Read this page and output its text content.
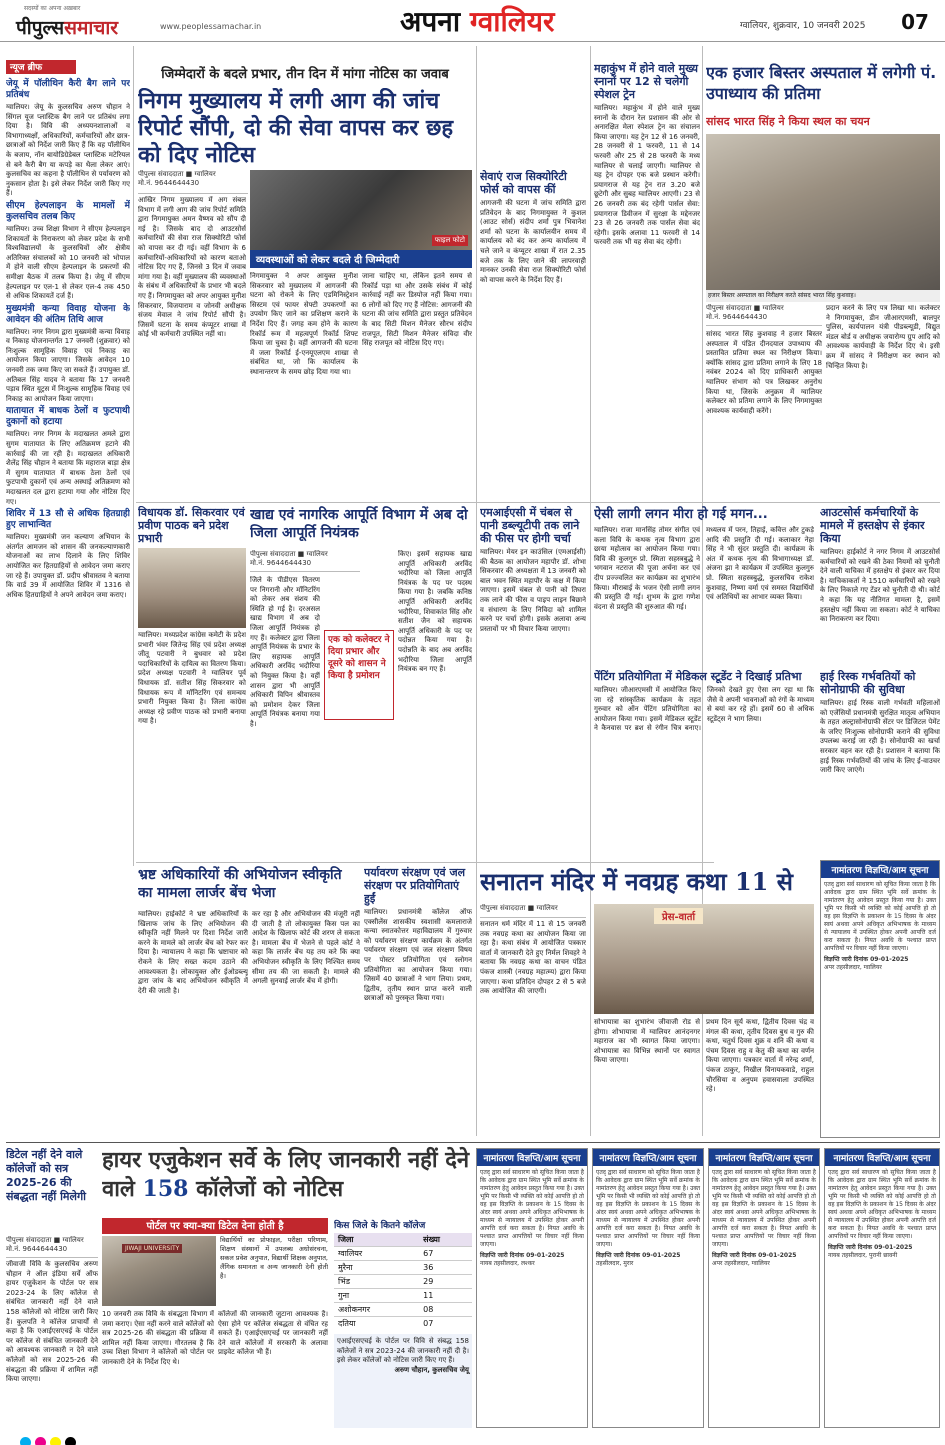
सदस्यों का अपना अख़बार
पीपुल्ससमाचार	www.peoplessamachar.in	अपना ग्वालियर	ग्वालियर, शुक्रवार, 10 जनवरी 2025	07
न्यूज ब्रीफ
जेयू में पॉलीथिन कैरी बैग लाने पर प्रतिबंध

ग्वालियर। जेयू के कुलसचिव अरुण चौहान ने सिंगल यूज प्लास्टिक बैग लाने पर प्रतिबंध लगा दिया है। विवि की अध्ययनशालाओं व विभागाध्यक्षों, अधिकारियों, कर्मचारियों और छात्र-छात्राओं को निर्देश जारी किए हैं कि वह पॉलीथिन के बजाय, नॉन बायोडिग्रेडेबल प्लास्टिक मटेरियल से बने कैरी बैग या कपड़े का थैला लेकर आएं। कुलसचिव का कहना है पॉलीथिन से पर्यावरण को नुकसान होता है। इसे लेकर निर्देश जारी किए गए हैं।

सीएम हेल्पलाइन के मामलों में कुलसचिव तलब किए

ग्वालियर। उच्च शिक्षा विभाग ने सीएम हेल्पलाइन शिकायतों के निराकरण को लेकर प्रदेश के सभी विश्वविद्यालयों के कुलसचिवों और क्षेत्रीय अतिरिक्त संचालकों को 10 जनवरी को भोपाल में होने वाली सीएम हेल्पलाइन के प्रकरणों की समीक्षा बैठक में तलब किया है। जेयू में सीएम हेल्पलाइन पर एल-1 से लेकर एल-4 तक 450 से अधिक शिकायतें दर्ज हैं।

मुख्यमंत्री कन्या विवाह योजना के आवेदन की अंतिम तिथि आज

ग्वालियर। नगर निगम द्वारा मुख्यमंत्री कन्या विवाह व निकाह योजनान्तर्गत 17 जनवरी (शुक्रवार) को निःशुल्क सामूहिक विवाह एवं निकाह का आयोजन किया जाएगा। जिसके आवेदन 10 जनवरी तक जमा किए जा सकते हैं। उपायुक्त डॉ. अतिबल सिंह यादव ने बताया कि 17 जनवरी पड़ाव स्थित यूट्रस में निःशुल्क सामूहिक विवाह एवं निकाह का आयोजन किया जाएगा।

यातायात में बाधक ठेलों व फुटपाथी दुकानों को हटाया

ग्वालियर। नगर निगम के मदाखलत अमले द्वारा सुगम यातायात के लिए अतिक्रमण हटाने की कार्रवाई की जा रही है। मदाखलत अधिकारी शैलेंद्र सिंह चौहान ने बताया कि महाराज बाड़ा क्षेत्र में सुगम यातायात में बाधक ठेला ठेलों एवं फुटपाथी दुकानों एवं अन्य अस्थाई अतिक्रमण को मदाखलत दल द्वारा हटाया गया और नोटिस दिए गए।

शिविर में 13 सौ से अधिक हितग्राही हुए लाभान्वित

ग्वालियर। मुख्यमंत्री जन कल्याण अभियान के अंतर्गत आमजन को शासन की जनकल्याणकारी योजनाओं का लाभ दिलाने के लिए शिविर आयोजित कर हितग्राहियों से आवेदन जमा कराए जा रहे हैं। उपायुक्त डॉ. प्रदीप श्रीवास्तव ने बताया कि वार्ड 39 में आयोजित शिविर में 1316 से अधिक हितग्राहियों ने अपने आवेदन जमा कराए।

जिम्मेदारों के बदले प्रभार, तीन दिन में मांगा नोटिस का जवाब
निगम मुख्यालय में लगी आग की जांच रिपोर्ट सौंपी, दो की सेवा वापस कर छह को दिए नोटिस
पीपुल्स संवाददाता ■ ग्वालियर
मो.नं. 9644644430
फाइल फोटो
व्यवस्थाओं को लेकर बदले दी जिम्मेदारी
आखिर निगम मुख्यालय में अग संबल विभाग में लगी आग की जांच रिपोर्ट समिति द्वारा निगमायुक्त अमन वैष्णव को सौंप दी गई है। जिसके बाद दो आउटसोर्स कर्मचारियों की सेवा राज सिक्योरिटी फोर्स को वापस कर दी गई। वहीं विभाग के 6 कर्मचारियों-अधिकारियों को कारण बताओ नोटिस दिए गए हैं, जिनसे 3 दिन में जवाब मांगा गया है। वहीं मुख्यालय की व्यवस्थाओं के संबंध में अधिकारियों के प्रभार भी बदले गए हैं। निगमायुक्त को अपर आयुक्त मुनीश सिकरवार, विजयाराम व जोनवी अधीक्षक संजय मेवाल ने जांच रिपोर्ट सौंपी है। जिसमें घटना के समय कंप्यूटर शाखा में कोई भी कर्मचारी उपस्थित नहीं था।
निगमायुक्त ने अपर आयुक्त मुनीश सिकरवार को मुख्यालय में आगजनी की घटना को रोकने के लिए एडमिनिस्ट्रेशन सिस्टम एवं फायर सेफ्टी उपकरणों का उपयोग किए जाने का प्रशिक्षण कराने के निर्देश दिए हैं। जगह कम होने के कारण रिकॉर्ड रूम में महत्वपूर्ण रिकॉर्ड शिफ्ट किया जा चुका है। वहीं आगजनी की घटना में जला रिकॉर्ड ई-एनयूएलएम शाखा से संबंधित था, जो कि कार्यालय के स्थानान्तरण के समय छोड़ दिया गया था।
जाना चाहिए था, लेकिन इतने समय से रिकॉर्ड पड़ा था और उसके संबंध में कोई कार्रवाई नहीं कर डिस्पोज नहीं किया गया। 6 लोगों को दिए गए हैं नोटिस: आगजनी की घटना की जांच समिति द्वारा प्रस्तुत प्रतिवेदन के बाद सिटी मिशन मैनेजर सौरभ संदीप राजपूत, सिटी मिशन मैनेजर संविदा वीर सिंह राजपूत को नोटिस दिए गए।
सेवाएं राज सिक्योरिटी फोर्स को वापस कीं
आगजनी की घटना में जांच समिति द्वारा प्रतिवेदन के बाद निगमायुक्त ने कुशल (आउट सोर्स) संदीप शर्मा पुत्र भिवानेश शर्मा को घटना के कार्यालयीन समय में कार्यालय को बंद कर अन्य कार्यालय में चले जाने व कंप्यूटर शाखा में रात 2.35 बजे तक के लिए जाने की लापरवाही मानकर उनकी सेवा राज सिक्योरिटी फोर्स को वापस करने के निर्देश दिए हैं।
महाकुंभ में होने वाले मुख्य स्नानों पर 12 से चलेगी स्पेशल ट्रेन
ग्वालियर। महाकुंभ में होने वाले मुख्य स्नानों के दौरान रेल प्रशासन की ओर से अनारक्षित मेला स्पेशल ट्रेन का संचालन किया जाएगा। यह ट्रेन 12 से 16 जनवरी, 28 जनवरी से 1 फरवरी, 11 से 14 फरवरी और 25 से 28 फरवरी के मध्य ग्वालियर से चलाई जाएगी। ग्वालियर से यह ट्रेन दोपहर एक बजे प्रस्थान करेगी। प्रयागराज से यह ट्रेन रात 3.20 बजे छूटेगी और सुबह ग्वालियर आएगी। 23 से 26 जनवरी तक बंद रहेगी पार्सल सेवा: प्रयागराज डिवीजन में सुरक्षा के मद्देनजर 23 से 26 जनवरी तक पार्सल सेवा बंद रहेगी। इसके अलावा 11 फरवरी से 14 फरवरी तक भी यह सेवा बंद रहेगी।
एक हजार बिस्तर अस्पताल में लगेगी पं. उपाध्याय की प्रतिमा
सांसद भारत सिंह ने किया स्थल का चयन
हजार बिस्तर अस्पताल का निरीक्षण करते सांसद भारत सिंह कुशवाह।
पीपुल्स संवाददाता ■ ग्वालियर
मो.नं. 9644644430
सांसद भारत सिंह कुशवाह ने हजार बिस्तर अस्पताल में पंडित दीनदयाल उपाध्याय की प्रस्तावित प्रतिमा स्थल का निरीक्षण किया। क्योंकि सांसद द्वारा प्रतिमा लगाने के लिए 18 नवंबर 2024 को दिए प्राधिकारी आयुक्त ग्वालियर संभाग को पत्र लिखकर अनुरोध किया था, जिसके अनुक्रम में ग्वालियर कलेक्टर को प्रतिमा लगाने के लिए निगमायुक्त आवश्यक कार्यवाही करेंगे।
प्रदान करने के लिए पत्र लिखा था। कलेक्टर ने निगमायुक्त, डीन जीआरएमसी, बालपुर पुलिस, कार्यपालन यंत्री पीडब्ल्यूडी, विद्युत मंडल बोर्ड व अधीक्षक जयारोग्य ग्रुप आदि को आवश्यक कार्यवाही के निर्देश दिए थे। इसी क्रम में सांसद ने निरीक्षण कर स्थान को चिन्हित किया है।
विधायक डॉ. सिकरवार एवं प्रवीण पाठक बने प्रदेश प्रभारी
ग्वालियर। मध्यप्रदेश कांग्रेस कमेटी के प्रदेश प्रभारी भंवर जितेन्द्र सिंह एवं प्रदेश अध्यक्ष जीतू पटवारी ने बुधवार को प्रदेश पदाधिकारियों के दायित्व का वितरण किया। प्रदेश अध्यक्ष पटवारी ने ग्वालियर पूर्व विधायक डॉ. सतीश सिंह सिकरवार को विधायक रूप में मॉनिटरिंग एवं समन्वय प्रभारी नियुक्त किया है। जिला कांग्रेस अध्यक्ष रहे प्रवीण पाठक को प्रभारी बनाया गया है।
खाद्य एवं नागरिक आपूर्ति विभाग में अब दो जिला आपूर्ति नियंत्रक
पीपुल्स संवाददाता ■ ग्वालियर
मो.नं. 9644644430
जिले के पीडीएस वितरण पर निगरानी और मॉनिटरिंग को लेकर अब संशय की स्थिति हो गई है। दरअसल खाद्य विभाग में अब दो जिला आपूर्ति नियंत्रक हो गए हैं। कलेक्टर द्वारा जिला आपूर्ति नियंत्रक के प्रभार के लिए सहायक आपूर्ति अधिकारी अरविंद भदौरिया को नियुक्त किया है। वहीं शासन द्वारा भी आपूर्ति अधिकारी विपिन श्रीवास्तव को प्रमोशन देकर जिला आपूर्ति नियंत्रक बनाया गया है।
एक को कलेक्टर ने दिया प्रभार और दूसरे को शासन ने किया है प्रमोशन
किए। इसमें सहायक खाद्य आपूर्ति अधिकारी अरविंद भदौरिया को जिला आपूर्ति नियंत्रक के पद पर पदस्थ किया गया है। जबकि कनिष्ठ आपूर्ति अधिकारी अरविंद भदौरिया, शिवाकांत सिंह और सतीश जैन को सहायक आपूर्ति अधिकारी के पद पर पदोन्नत किया गया है। पदोन्नति के बाद अब अरविंद भदौरिया जिला आपूर्ति नियंत्रक बन गए हैं।
एमआईएसी में चंबल से पानी डब्ल्यूटीपी तक लाने की फीस पर होगी चर्चा
ग्वालियर। मेयर इन काउंसिल (एमआईसी) की बैठक का आयोजन महापौर डॉ. शोभा सिकरवार की अध्यक्षता में 13 जनवरी को बाल भवन स्थित महापौर के कक्ष में किया जाएगा। इसमें चंबल से पानी को तिघरा तक लाने की फीस व पाइप लाइन बिछाने व संधारण के लिए निविदा को शामिल करने पर चर्चा होगी। इसके अलावा अन्य प्रस्तावों पर भी विचार किया जाएगा।
ऐसी लागी लगन मीरा हो गई मगन...
ग्वालियर। राजा मानसिंह तोमर संगीत एवं कला विवि के कथक नृत्य विभाग द्वारा छाया महोत्सव का आयोजन किया गया। विवि की कुलगुरु प्रो. स्मिता सहस्त्रबुद्धे ने भगवान नटराज की पूजा अर्चना कर एवं दीप प्रज्ज्वलित कर कार्यक्रम का शुभारंभ किया। मीराबाई के भजन ऐसी लागी लगन की प्रस्तुति दी गई। शुभम के द्वारा गणेश वंदना से प्रस्तुति की शुरुआत की गई।
मध्यलय में परन, तिहाई, कवित्त और टुकड़े आदि की प्रस्तुति दी गई। कलाकार नेहा सिंह ने भी सुंदर प्रस्तुति दी। कार्यक्रम के अंत में कथक नृत्य की विभागाध्यक्ष डॉ. अंजना झा ने कार्यक्रम में उपस्थित कुलगुरु प्रो. स्मिता सहस्त्रबुद्धे, कुलसचिव राकेश कुशवाह, निष्णा वर्मा एवं समस्त विद्यार्थियों एवं अतिथियों का आभार व्यक्त किया।
पेंटिंग प्रतियोगिता में मेडिकल स्टूडेंट ने दिखाई प्रतिभा
ग्वालियर। जीआरएमसी में आयोजित किए जा रहे सांस्कृतिक कार्यक्रम के तहत गुरुवार को ऑन पेंटिंग प्रतियोगिता का आयोजन किया गया। इसमें मेडिकल स्टूडेंट ने कैनवास पर ब्रश से रंगीन चित्र बनाए। जिनको देखते हुए ऐसा लग रहा था कि जैसे वे अपनी भावनाओं को रंगों के माध्यम से बयां कर रहे हों। इसमें 60 से अधिक स्टूडेंट्स ने भाग लिया।
आउटसोर्स कर्मचारियों के मामले में हस्तक्षेप से इंकार किया
ग्वालियर। हाईकोर्ट ने नगर निगम में आउटसोर्स कर्मचारियों को रखने की ठेका नियमों को चुनौती देने वाली याचिका में हस्तक्षेप से इंकार कर दिया है। याचिकाकर्ता ने 1510 कर्मचारियों को रखने के लिए निकाले गए टेंडर को चुनौती दी थी। कोर्ट ने कहा कि यह नीतिगत मामला है, इसमें हस्तक्षेप नहीं किया जा सकता। कोर्ट ने याचिका का निराकरण कर दिया।
हाई रिस्क गर्भवतियों को सोनोग्राफी की सुविधा
ग्वालियर। हाई रिस्क वाली गर्भवती महिलाओं को एजेंसियों प्रधानमंत्री सुरक्षित मातृत्व अभियान के तहत अल्ट्रासोनोग्राफी सेंटर पर डिजिटल पेमेंट के जरिए निःशुल्क सोनोग्राफी कराने की सुविधा उपलब्ध कराई जा रही है। सोनोग्राफी का खर्चा सरकार वहन कर रही है। प्रशासन ने बताया कि हाई रिस्क गर्भवतियों की जांच के लिए ई-वाउचर जारी किए जाएंगे।
भ्रष्ट अधिकारियों की अभियोजन स्वीकृति का मामला लार्जर बेंच भेजा
ग्वालियर। हाईकोर्ट ने भ्रष्ट अधिकारियों के खिलाफ जांच के लिए अभियोजन की स्वीकृति नहीं मिलने पर दिशा निर्देश जारी करने के मामले को लार्जर बेंच को रेफर कर दिया है। न्यायालय ने कहा कि भ्रष्टाचार को रोकने के लिए सख्त कदम उठाने की आवश्यकता है। लोकायुक्त और ईओडब्ल्यू द्वारा जांच के बाद अभियोजन स्वीकृति में देरी की जाती है।
कर रहा है और अभियोजन की मंजूरी नहीं दी जाती है तो लोकायुक्त किस पल का आदेश के खिलाफ कोर्ट की शरण ले सकता है। मामला बेंच में भेजने से पहले कोर्ट ने कहा कि लार्जर बेंच यह तय करे कि क्या अभियोजन स्वीकृति के लिए निश्चित समय सीमा तय की जा सकती है। मामले की अगली सुनवाई लार्जर बेंच में होगी।
पर्यावरण संरक्षण एवं जल संरक्षण पर प्रतियोगिताएं हुईं
ग्वालियर। प्रधानमंत्री कॉलेज ऑफ एक्सीलेंस शासकीय स्वशासी कमलाराजे कन्या स्नातकोत्तर महाविद्यालय में गुरुवार को पर्यावरण संरक्षण कार्यक्रम के अंतर्गत पर्यावरण संरक्षण एवं जल संरक्षण विषय पर पोस्टर प्रतियोगिता एवं स्लोगन प्रतियोगिता का आयोजन किया गया। जिसमें 40 छात्राओं ने भाग लिया। प्रथम, द्वितीय, तृतीय स्थान प्राप्त करने वाली छात्राओं को पुरस्कृत किया गया।
सनातन मंदिर में नवग्रह कथा 11 से
पीपुल्स संवाददाता ■ ग्वालियर
सनातन धर्म मंदिर में 11 से 15 जनवरी तक नवग्रह कथा का आयोजन किया जा रहा है। कथा संबंध में आयोजित पत्रकार वार्ता में जानकारी देते हुए निर्मल शिवहरे ने बताया कि नवग्रह कथा का वाचन पंडित पंकज शास्त्री (नवग्रह महात्म्य) द्वारा किया जाएगा। कथा प्रतिदिन दोपहर 2 से 5 बजे तक आयोजित की जाएगी।
प्रेस-वार्ता
सोभायात्रा का शुभारंभ जीवाजी रोड से होगा। शोभायात्रा में ग्वालियर आनंदनगर महाराज का भी स्वागत किया जाएगा। शोभायात्रा का विभिन्न स्थानों पर स्वागत किया जाएगा।
प्रथम दिन सूर्य कथा, द्वितीय दिवस चंद्र व मंगल की कथा, तृतीय दिवस बुध व गुरु की कथा, चतुर्थ दिवस शुक्र व शनि की कथा व पंचम दिवस राहु व केतु की कथा का वर्णन किया जाएगा। पत्रकार वार्ता में नरेन्द्र शर्मा, पंकज ठाकुर, निखील विनायकवाडे, राहुल चौरसिया व अनुपम हवासवाला उपस्थित रहे।
नामांतरण विज्ञप्ति/आम सूचना
एतद् द्वारा सर्व साधारण को सूचित किया जाता है कि आवेदक द्वारा ग्राम स्थित भूमि सर्वे क्रमांक के नामांतरण हेतु आवेदन प्रस्तुत किया गया है। उक्त भूमि पर किसी भी व्यक्ति को कोई आपत्ति हो तो वह इस विज्ञप्ति के प्रकाशन के 15 दिवस के अंदर स्वयं अथवा अपने अधिकृत अभिभाषक के माध्यम से न्यायालय में उपस्थित होकर अपनी आपत्ति दर्ज करा सकता है। नियत अवधि के पश्चात प्राप्त आपत्तियों पर विचार नहीं किया जाएगा।
विज्ञप्ति जारी दिनांक 09-01-2025
अपर तहसीलदार, ग्वालियर
डिटेल नहीं देने वाले कॉलेजों को सत्र 2025-26 की संबद्धता नहीं मिलेगी
हायर एजुकेशन सर्वे के लिए जानकारी नहीं देने वाले 158 कॉलेजों को नोटिस
पीपुल्स संवाददाता ■ ग्वालियर
मो.नं. 9644644430
जीवाजी विवि के कुलसचिव अरुण चौहान ने ऑल इंडिया सर्वे ऑफ हायर एजुकेशन के पोर्टल पर सत्र 2023-24 के लिए कॉलेज से संबंधित जानकारी नहीं देने वाले 158 कॉलेजों को नोटिस जारी किए हैं। कुलपति ने कॉलेज प्राचार्यों से कहा है कि एआईएसएचई के पोर्टल पर कॉलेज से संबंधित जानकारी देने को आवश्यक जानकारी न देने वाले कॉलेजों को सत्र 2025-26 की संबद्धता की प्रक्रिया में शामिल नहीं किया जाएगा।
पोर्टल पर क्या-क्या डिटेल देना होती है
JIWAJI UNIVERSITY
विद्यार्थियों का प्रोफाइल, परीक्षा परिणाम, शिक्षण संस्थानों में उपलब्ध अधोसंरचना, सकल प्रवेश अनुपात, विद्यार्थी शिक्षक अनुपात, लैंगिक समानता व अन्य जानकारी देनी होती है।
10 जनवरी तक विवि के संबद्धता विभाग में जमा कराए। ऐसा नहीं करने वाले कॉलेजों को सत्र 2025-26 की संबद्धता की प्रक्रिया में शामिल नहीं किया जाएगा। गौरतलब है कि उच्च शिक्षा विभाग ने कॉलेजों को पोर्टल पर जानकारी देने के निर्देश दिए थे।
कॉलेजों की जानकारी जुटाना आवश्यक है। ऐसा होने पर कॉलेज संबद्धता से वंचित रह सकते हैं। एआईएसएचई पर जानकारी नहीं देने वाले कॉलेजों में सरकारी के अलावा प्राइवेट कॉलेज भी हैं।
किस जिले के कितने कॉलेज
जिला	संख्या
ग्वालियर	67
मुरैना	36
भिंड	29
गुना	11
अशोकनगर	08
दतिया	07

एआईएसएचई के पोर्टल पर विवि से संबद्ध 158 कॉलेजों ने सत्र 2023-24 की जानकारी नहीं दी है। इसे लेकर कॉलेजों को नोटिस जारी किए गए हैं।
अरुण चौहान, कुलसचिव जेयू
नामांतरण विज्ञप्ति/आम सूचना
एतद् द्वारा सर्व साधारण को सूचित किया जाता है कि आवेदक द्वारा ग्राम स्थित भूमि सर्वे क्रमांक के नामांतरण हेतु आवेदन प्रस्तुत किया गया है। उक्त भूमि पर किसी भी व्यक्ति को कोई आपत्ति हो तो वह इस विज्ञप्ति के प्रकाशन के 15 दिवस के अंदर स्वयं अथवा अपने अधिकृत अभिभाषक के माध्यम से न्यायालय में उपस्थित होकर अपनी आपत्ति दर्ज करा सकता है। नियत अवधि के पश्चात प्राप्त आपत्तियों पर विचार नहीं किया जाएगा।
विज्ञप्ति जारी दिनांक 09-01-2025
नायब तहसीलदार, लश्कर
नामांतरण विज्ञप्ति/आम सूचना
एतद् द्वारा सर्व साधारण को सूचित किया जाता है कि आवेदक द्वारा ग्राम स्थित भूमि सर्वे क्रमांक के नामांतरण हेतु आवेदन प्रस्तुत किया गया है। उक्त भूमि पर किसी भी व्यक्ति को कोई आपत्ति हो तो वह इस विज्ञप्ति के प्रकाशन के 15 दिवस के अंदर स्वयं अथवा अपने अधिकृत अभिभाषक के माध्यम से न्यायालय में उपस्थित होकर अपनी आपत्ति दर्ज करा सकता है। नियत अवधि के पश्चात प्राप्त आपत्तियों पर विचार नहीं किया जाएगा।
विज्ञप्ति जारी दिनांक 09-01-2025
तहसीलदार, मुरार
नामांतरण विज्ञप्ति/आम सूचना
एतद् द्वारा सर्व साधारण को सूचित किया जाता है कि आवेदक द्वारा ग्राम स्थित भूमि सर्वे क्रमांक के नामांतरण हेतु आवेदन प्रस्तुत किया गया है। उक्त भूमि पर किसी भी व्यक्ति को कोई आपत्ति हो तो वह इस विज्ञप्ति के प्रकाशन के 15 दिवस के अंदर स्वयं अथवा अपने अधिकृत अभिभाषक के माध्यम से न्यायालय में उपस्थित होकर अपनी आपत्ति दर्ज करा सकता है। नियत अवधि के पश्चात प्राप्त आपत्तियों पर विचार नहीं किया जाएगा।
विज्ञप्ति जारी दिनांक 09-01-2025
अपर तहसीलदार, ग्वालियर
नामांतरण विज्ञप्ति/आम सूचना
एतद् द्वारा सर्व साधारण को सूचित किया जाता है कि आवेदक द्वारा ग्राम स्थित भूमि सर्वे क्रमांक के नामांतरण हेतु आवेदन प्रस्तुत किया गया है। उक्त भूमि पर किसी भी व्यक्ति को कोई आपत्ति हो तो वह इस विज्ञप्ति के प्रकाशन के 15 दिवस के अंदर स्वयं अथवा अपने अधिकृत अभिभाषक के माध्यम से न्यायालय में उपस्थित होकर अपनी आपत्ति दर्ज करा सकता है। नियत अवधि के पश्चात प्राप्त आपत्तियों पर विचार नहीं किया जाएगा।
विज्ञप्ति जारी दिनांक 09-01-2025
नायब तहसीलदार, पुरानी छावनी
